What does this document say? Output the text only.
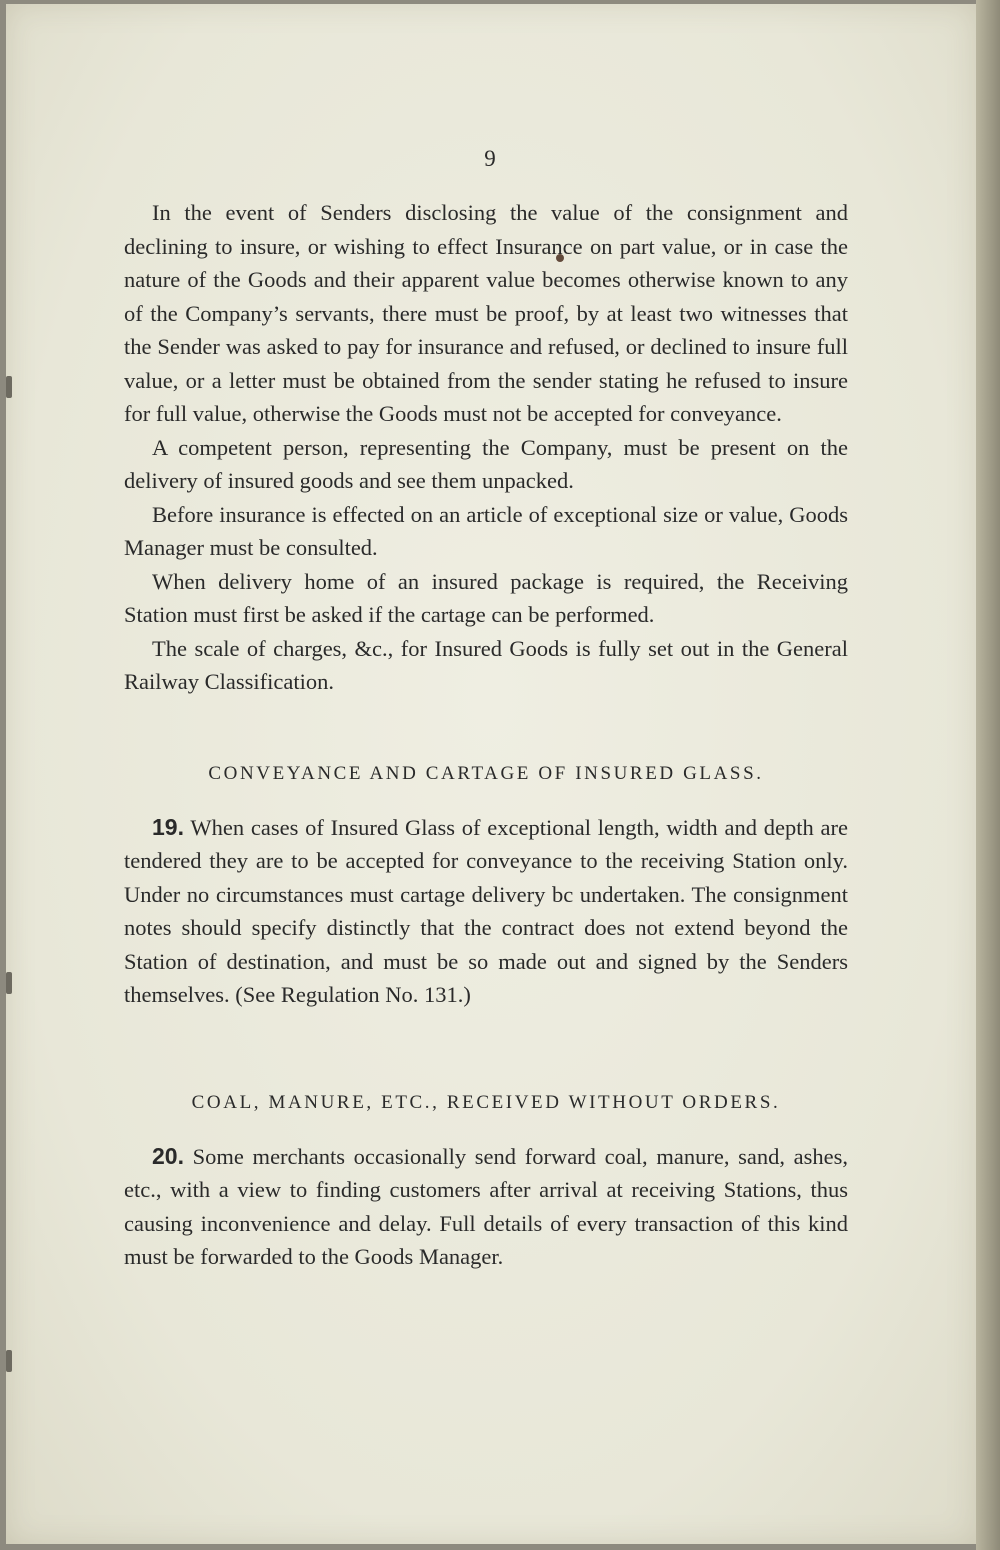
9

In the event of Senders disclosing the value of the consignment and declining to insure, or wishing to effect Insurance on part value, or in case the nature of the Goods and their apparent value becomes otherwise known to any of the Company’s servants, there must be proof, by at least two witnesses that the Sender was asked to pay for insurance and refused, or declined to insure full value, or a letter must be obtained from the sender stating he refused to insure for full value, otherwise the Goods must not be accepted for conveyance.

A competent person, representing the Company, must be present on the delivery of insured goods and see them unpacked.

Before insurance is effected on an article of exceptional size or value, Goods Manager must be consulted.

When delivery home of an insured package is required, the Receiving Station must first be asked if the cartage can be performed.

The scale of charges, &c., for Insured Goods is fully set out in the General Railway Classification.

CONVEYANCE AND CARTAGE OF INSURED GLASS.

19. When cases of Insured Glass of exceptional length, width and depth are tendered they are to be accepted for conveyance to the receiving Station only. Under no circumstances must cartage delivery bc undertaken. The consignment notes should specify distinctly that the contract does not extend beyond the Station of destination, and must be so made out and signed by the Senders themselves. (See Regulation No. 131.)

COAL, MANURE, ETC., RECEIVED WITHOUT ORDERS.

20. Some merchants occasionally send forward coal, manure, sand, ashes, etc., with a view to finding customers after arrival at receiving Stations, thus causing inconvenience and delay. Full details of every transaction of this kind must be forwarded to the Goods Manager.
